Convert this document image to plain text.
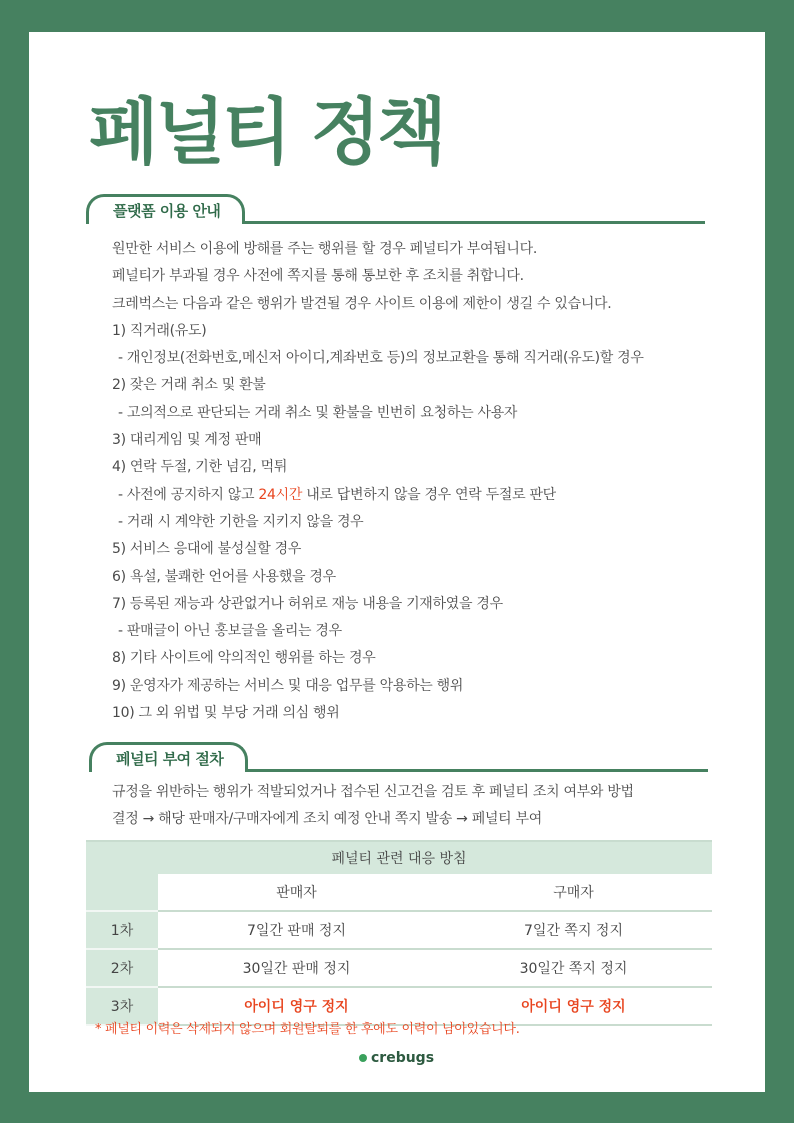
페널티 정책
플랫폼 이용 안내
원만한 서비스 이용에 방해를 주는 행위를 할 경우 페널티가 부여됩니다.
페널티가 부과될 경우 사전에 쪽지를 통해 통보한 후 조치를 취합니다.
크레벅스는 다음과 같은 행위가 발견될 경우 사이트 이용에 제한이 생길 수 있습니다.
1) 직거래(유도)
- 개인정보(전화번호,메신저 아이디,계좌번호 등)의 정보교환을 통해 직거래(유도)할 경우
2) 잦은 거래 취소 및 환불
- 고의적으로 판단되는 거래 취소 및 환불을 빈번히 요청하는 사용자
3) 대리게임 및 계정 판매
4) 연락 두절, 기한 넘김, 먹튀
- 사전에 공지하지 않고 24시간 내로 답변하지 않을 경우 연락 두절로 판단
- 거래 시 계약한 기한을 지키지 않을 경우
5) 서비스 응대에 불성실할 경우
6) 욕설, 불쾌한 언어를 사용했을 경우
7) 등록된 재능과 상관없거나 허위로 재능 내용을 기재하였을 경우
- 판매글이 아닌 홍보글을 올리는 경우
8) 기타 사이트에 악의적인 행위를 하는 경우
9) 운영자가 제공하는 서비스 및 대응 업무를 악용하는 행위
10) 그 외 위법 및 부당 거래 의심 행위
페널티 부여 절차
규정을 위반하는 행위가 적발되었거나 접수된 신고건을 검토 후 페널티 조치 여부와 방법
결정 → 해당 판매자/구매자에게 조치 예정 안내 쪽지 발송 → 페널티 부여
페널티 관련 대응 방침		
	판매자	구매자
1차	7일간 판매 정지	7일간 쪽지 정지
2차	30일간 판매 정지	30일간 쪽지 정지
3차	아이디 영구 정지	아이디 영구 정지

* 페널티 이력은 삭제되지 않으며 회원탈퇴를 한 후에도 이력이 남아있습니다.

crebugs
